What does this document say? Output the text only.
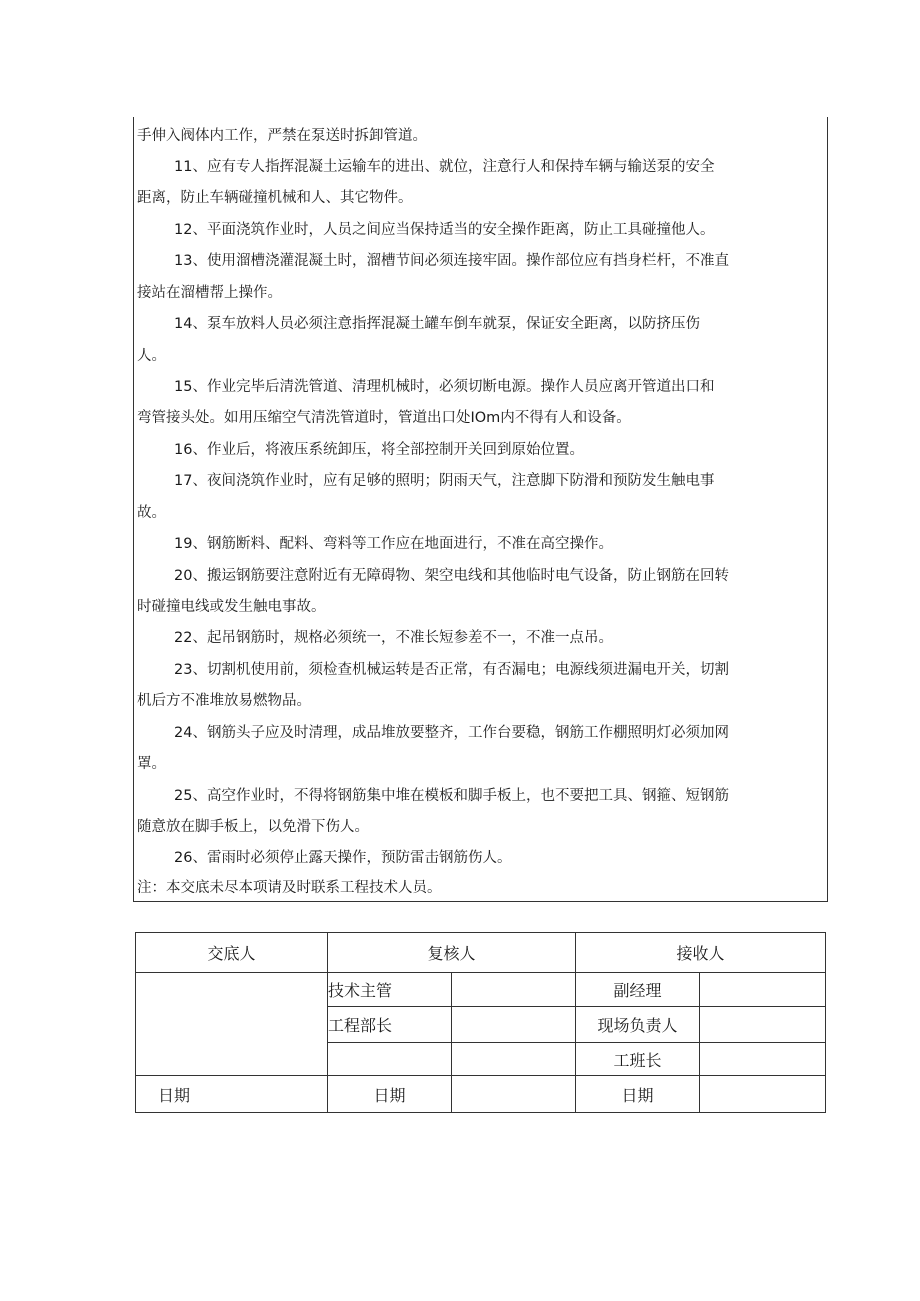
手伸入阀体内工作，严禁在泵送时拆卸管道。
11、应有专人指挥混凝土运输车的进出、就位，注意行人和保持车辆与输送泵的安全
距离，防止车辆碰撞机械和人、其它物件。
12、平面浇筑作业时，人员之间应当保持适当的安全操作距离，防止工具碰撞他人。
13、使用溜槽浇灌混凝土时，溜槽节间必须连接牢固。操作部位应有挡身栏杆，不准直
接站在溜槽帮上操作。
14、泵车放料人员必须注意指挥混凝土罐车倒车就泵，保证安全距离，以防挤压伤
人。
15、作业完毕后清洗管道、清理机械时，必须切断电源。操作人员应离开管道出口和
弯管接头处。如用压缩空气清洗管道时，管道出口处IOm内不得有人和设备。
16、作业后，将液压系统卸压，将全部控制开关回到原始位置。
17、夜间浇筑作业时，应有足够的照明；阴雨天气，注意脚下防滑和预防发生触电事
故。
19、钢筋断料、配料、弯料等工作应在地面进行，不准在高空操作。
20、搬运钢筋要注意附近有无障碍物、架空电线和其他临时电气设备，防止钢筋在回转
时碰撞电线或发生触电事故。
22、起吊钢筋时，规格必须统一，不准长短参差不一，不准一点吊。
23、切割机使用前，须检查机械运转是否正常，有否漏电；电源线须进漏电开关，切割
机后方不准堆放易燃物品。
24、钢筋头子应及时清理，成品堆放要整齐，工作台要稳，钢筋工作棚照明灯必须加网
罩。
25、高空作业时，不得将钢筋集中堆在模板和脚手板上，也不要把工具、钢箍、短钢筋
随意放在脚手板上，以免滑下伤人。
26、雷雨时必须停止露天操作，预防雷击钢筋伤人。
注：本交底未尽本项请及时联系工程技术人员。
交底人	复核人		接收人	
	技术主管		副经理	
	工程部长		现场负责人	
			工班长	
日期	日期		日期	
